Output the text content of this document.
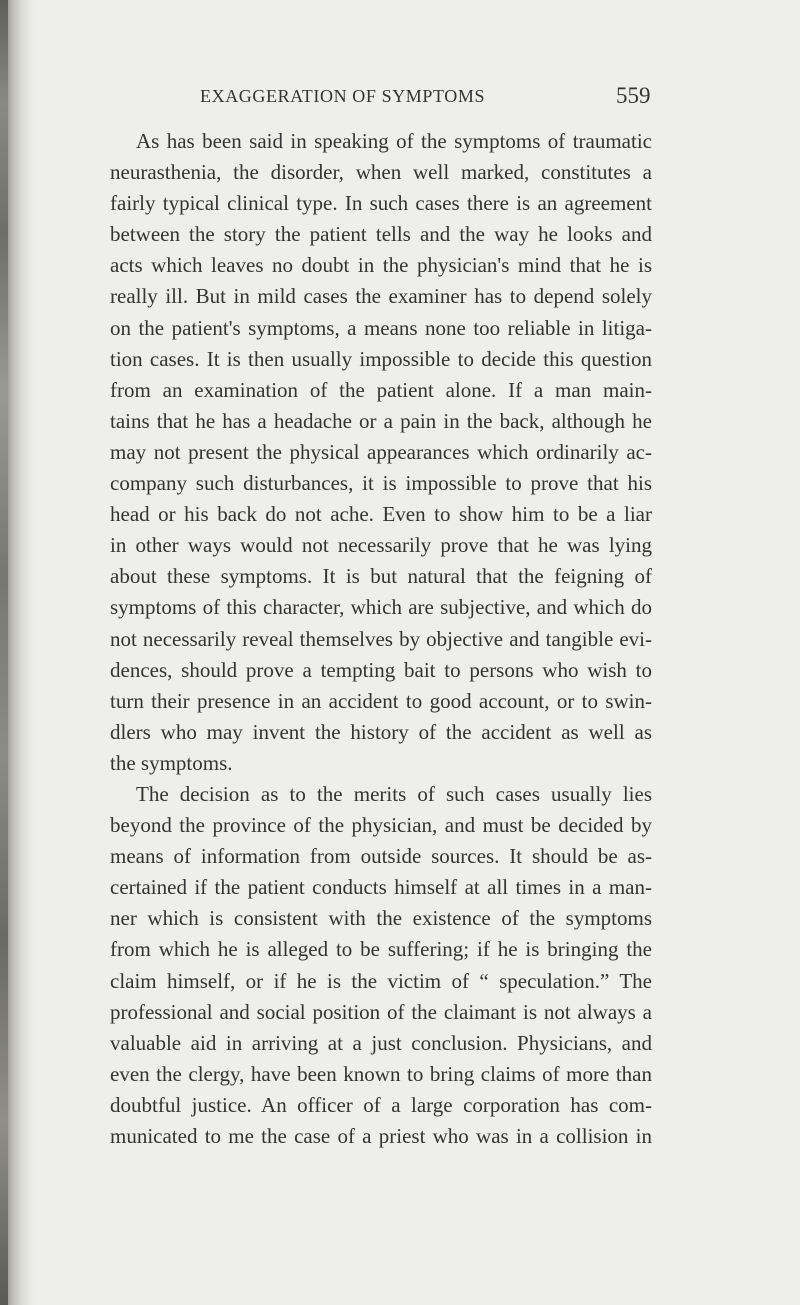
EXAGGERATION OF SYMPTOMS	559
As has been said in speaking of the symptoms of traumatic
neurasthenia, the disorder, when well marked, constitutes a
fairly typical clinical type. In such cases there is an agreement
between the story the patient tells and the way he looks and
acts which leaves no doubt in the physician's mind that he is
really ill. But in mild cases the examiner has to depend solely
on the patient's symptoms, a means none too reliable in litiga-
tion cases. It is then usually impossible to decide this question
from an examination of the patient alone. If a man main-
tains that he has a headache or a pain in the back, although he
may not present the physical appearances which ordinarily ac-
company such disturbances, it is impossible to prove that his
head or his back do not ache. Even to show him to be a liar
in other ways would not necessarily prove that he was lying
about these symptoms. It is but natural that the feigning of
symptoms of this character, which are subjective, and which do
not necessarily reveal themselves by objective and tangible evi-
dences, should prove a tempting bait to persons who wish to
turn their presence in an accident to good account, or to swin-
dlers who may invent the history of the accident as well as
the symptoms.
The decision as to the merits of such cases usually lies
beyond the province of the physician, and must be decided by
means of information from outside sources. It should be as-
certained if the patient conducts himself at all times in a man-
ner which is consistent with the existence of the symptoms
from which he is alleged to be suffering; if he is bringing the
claim himself, or if he is the victim of “ speculation.” The
professional and social position of the claimant is not always a
valuable aid in arriving at a just conclusion. Physicians, and
even the clergy, have been known to bring claims of more than
doubtful justice. An officer of a large corporation has com-
municated to me the case of a priest who was in a collision in
